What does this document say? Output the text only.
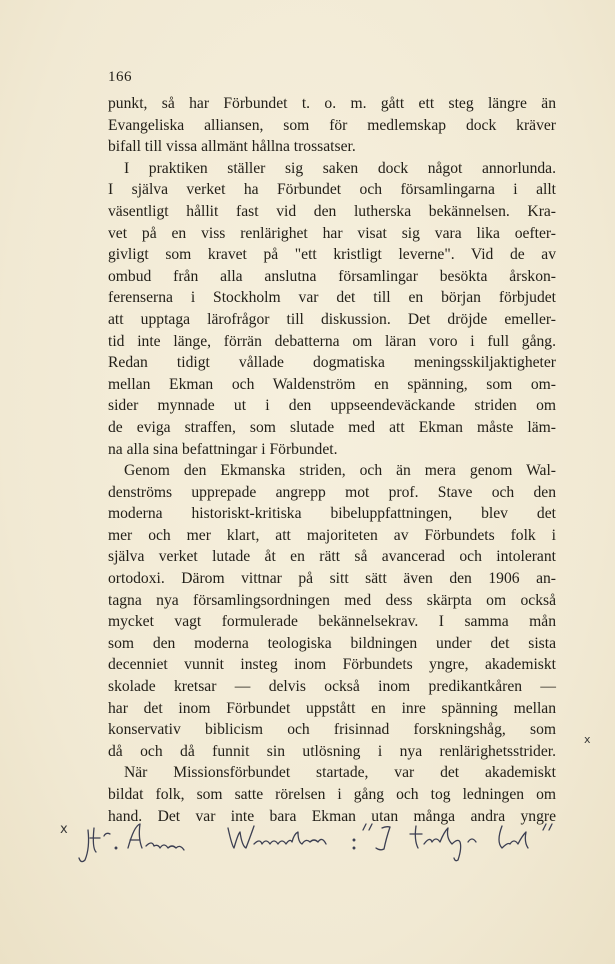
166
punkt, så har Förbundet t. o. m. gått ett steg längre än
Evangeliska alliansen, som för medlemskap dock kräver
bifall till vissa allmänt hållna trossatser.
I praktiken ställer sig saken dock något annorlunda.
I själva verket ha Förbundet och församlingarna i allt
väsentligt hållit fast vid den lutherska bekännelsen. Kra-
vet på en viss renlärighet har visat sig vara lika oefter-
givligt som kravet på "ett kristligt leverne". Vid de av
ombud från alla anslutna församlingar besökta årskon-
ferenserna i Stockholm var det till en början förbjudet
att upptaga lärofrågor till diskussion. Det dröjde emeller-
tid inte länge, förrän debatterna om läran voro i full gång.
Redan tidigt vållade dogmatiska meningsskiljaktigheter
mellan Ekman och Waldenström en spänning, som om-
sider mynnade ut i den uppseendeväckande striden om
de eviga straffen, som slutade med att Ekman måste läm-
na alla sina befattningar i Förbundet.
Genom den Ekmanska striden, och än mera genom Wal-
denströms upprepade angrepp mot prof. Stave och den
moderna historiskt-kritiska bibeluppfattningen, blev det
mer och mer klart, att majoriteten av Förbundets folk i
själva verket lutade åt en rätt så avancerad och intolerant
ortodoxi. Därom vittnar på sitt sätt även den 1906 an-
tagna nya församlingsordningen med dess skärpta om också
mycket vagt formulerade bekännelsekrav. I samma mån
som den moderna teologiska bildningen under det sista
decenniet vunnit insteg inom Förbundets yngre, akademiskt
skolade kretsar — delvis också inom predikantkåren —
har det inom Förbundet uppstått en inre spänning mellan
konservativ biblicism och frisinnad forskningshåg, som
då och då funnit sin utlösning i nya renlärighetsstrider.
När Missionsförbundet startade, var det akademiskt
bildat folk, som satte rörelsen i gång och tog ledningen om
hand. Det var inte bara Ekman utan många andra yngre
x
x
